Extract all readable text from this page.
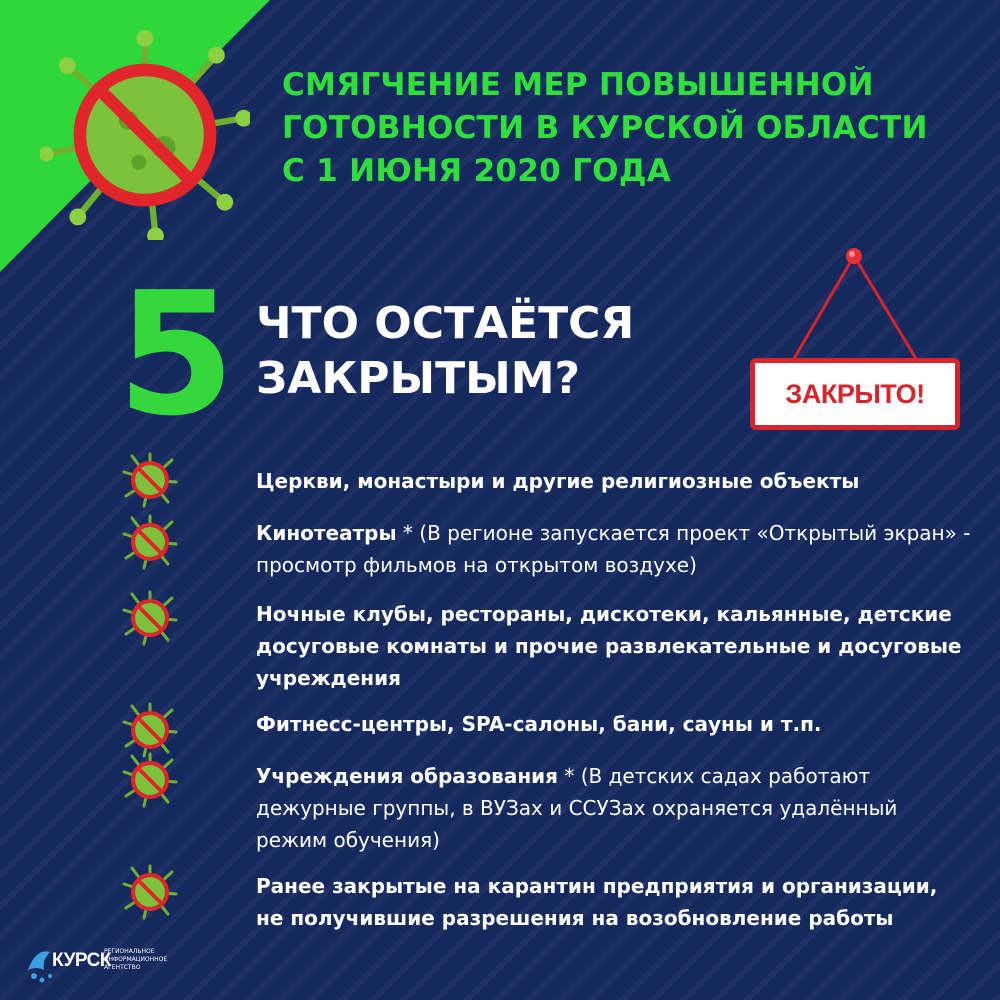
СМЯГЧЕНИЕ МЕР ПОВЫШЕННОЙ
ГОТОВНОСТИ В КУРСКОЙ ОБЛАСТИ
С 1 ИЮНЯ 2020 ГОДА
5 ЧТО ОСТАЁТСЯ
ЗАКРЫТЫМ?	ЗАКРЫТО!
Церкви, монастыри и другие религиозные объекты
Кинотеатры * (В регионе запускается проект «Открытый экран» - просмотр фильмов на открытом воздухе)
Ночные клубы, рестораны, дискотеки, кальянные, детские досуговые комнаты и прочие развлекательные и досуговые учреждения
Фитнесс-центры, SPA-салоны, бани, сауны и т.п.
Учреждения образования * (В детских садах работают дежурные группы, в ВУЗах и ССУЗах охраняется удалённый режим обучения)
Ранее закрытые на карантин предприятия и организации, не получившие разрешения на возобновление работы
КУРСК
РЕГИОНАЛЬНОЕ ИНФОРМАЦИОННОЕ АГЕНТСТВО
